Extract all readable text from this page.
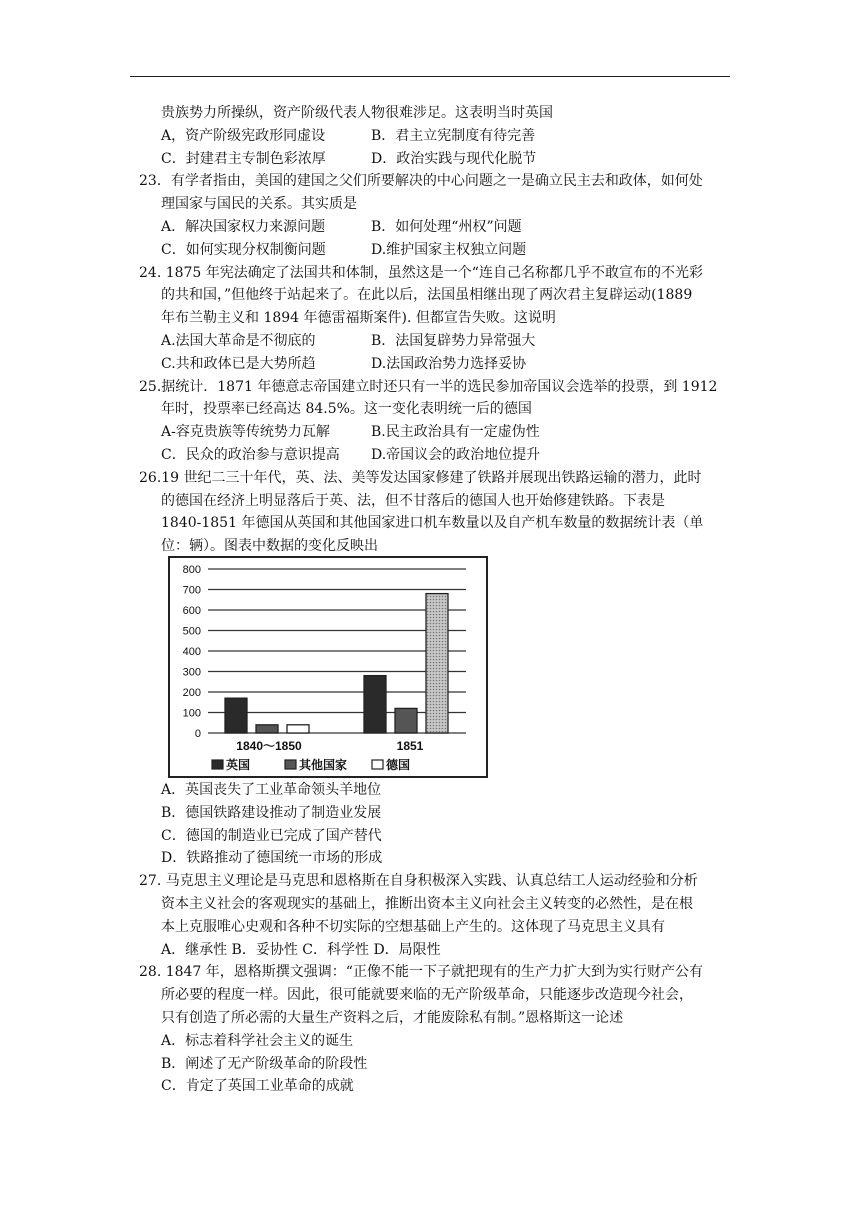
贵族势力所操纵，资产阶级代表人物很难涉足。这表明当时英国
A，资产阶级宪政形同虚设	B．君主立宪制度有待完善
C．封建君主专制色彩浓厚	D．政治实践与现代化脱节
23．有学者指由，美国的建国之父们所要解决的中心问题之一是确立民主去和政体，如何处
理国家与国民的关系。其实质是
A．解决国家权力来源问题	B．如何处理“州权”问题
C．如何实现分权制衡问题	D.维护国家主权独立问题
24. 1875 年宪法确定了法国共和体制，虽然这是一个“连自己名称都几乎不敢宣布的不光彩
的共和国，”但他终于站起来了。在此以后，法国虽相继出现了两次君主复辟运动(1889
年布兰勒主义和 1894 年德雷福斯案件). 但都宣告失败。这说明
A.法国大革命是不彻底的	B．法国复辟势力异常强大
C.共和政体已是大势所趋	D.法国政治势力选择妥协
25.据统计．1871 年德意志帝国建立时还只有一半的选民参加帝国议会选举的投票，到 1912
年时，投票率已经高达 84.5%。这一变化表明统一后的德国
A-容克贵族等传统势力瓦解	B.民主政治具有一定虚伪性
C．民众的政治参与意识提高 D.帝国议会的政治地位提升
26.19 世纪二三十年代，英、法、美等发达国家修建了铁路并展现出铁路运输的潜力，此时
的德国在经济上明显落后于英、法，但不甘落后的德国人也开始修建铁路。下表是
1840-1851 年德国从英国和其他国家进口机车数量以及自产机车数量的数据统计表（单
位：辆）。图表中数据的变化反映出
0
100
200
300
400
500
600
700
800
1840～1850	1851
英国	其他国家	德国
A．英国丧失了工业革命领头羊地位
B．德国铁路建设推动了制造业发展
C．德国的制造业已完成了国产替代
D．铁路推动了德国统一市场的形成
27. 马克思主义理论是马克思和恩格斯在自身积极深入实践、认真总结工人运动经验和分析
资本主义社会的客观现实的基础上，推断出资本主义向社会主义转变的必然性，是在根
本上克服唯心史观和各种不切实际的空想基础上产生的。这体现了马克思主义具有
A．继承性 B．妥协性 C．科学性 D．局限性
28. 1847 年，恩格斯撰文强调：“正像不能一下子就把现有的生产力扩大到为实行财产公有
所必要的程度一样。因此，很可能就要来临的无产阶级革命，只能逐步改造现今社会，
只有创造了所必需的大量生产资料之后，才能废除私有制。”恩格斯这一论述
A．标志着科学社会主义的诞生
B．阐述了无产阶级革命的阶段性
C．肯定了英国工业革命的成就
